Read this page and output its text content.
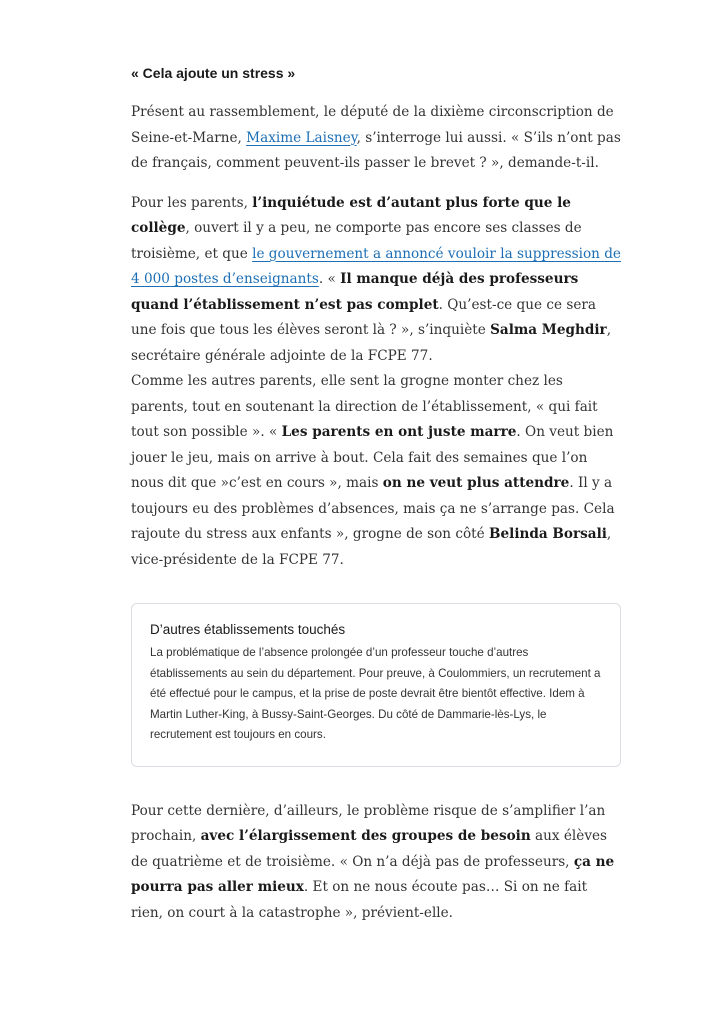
« Cela ajoute un stress »

Présent au rassemblement, le député de la dixième circonscription de Seine-et-Marne, Maxime Laisney, s’interroge lui aussi. « S’ils n’ont pas de français, comment peuvent-ils passer le brevet ? », demande-t-il.

Pour les parents, l’inquiétude est d’autant plus forte que le collège, ouvert il y a peu, ne comporte pas encore ses classes de troisième, et que le gouvernement a annoncé vouloir la suppression de 4 000 postes d’enseignants. « Il manque déjà des professeurs quand l’établissement n’est pas complet. Qu’est-ce que ce sera une fois que tous les élèves seront là ? », s’inquiète Salma Meghdir, secrétaire générale adjointe de la FCPE 77.

Comme les autres parents, elle sent la grogne monter chez les parents, tout en soutenant la direction de l’établissement, « qui fait tout son possible ». « Les parents en ont juste marre. On veut bien jouer le jeu, mais on arrive à bout. Cela fait des semaines que l’on nous dit que »c’est en cours », mais on ne veut plus attendre. Il y a toujours eu des problèmes d’absences, mais ça ne s’arrange pas. Cela rajoute du stress aux enfants », grogne de son côté Belinda Borsali, vice-présidente de la FCPE 77.

D’autres établissements touchés

La problématique de l’absence prolongée d’un professeur touche d’autres établissements au sein du département. Pour preuve, à Coulommiers, un recrutement a été effectué pour le campus, et la prise de poste devrait être bientôt effective. Idem à Martin Luther-King, à Bussy-Saint-Georges. Du côté de Dammarie-lès-Lys, le recrutement est toujours en cours.

Pour cette dernière, d’ailleurs, le problème risque de s’amplifier l’an prochain, avec l’élargissement des groupes de besoin aux élèves de quatrième et de troisième. « On n’a déjà pas de professeurs, ça ne pourra pas aller mieux. Et on ne nous écoute pas… Si on ne fait rien, on court à la catastrophe », prévient-elle.
